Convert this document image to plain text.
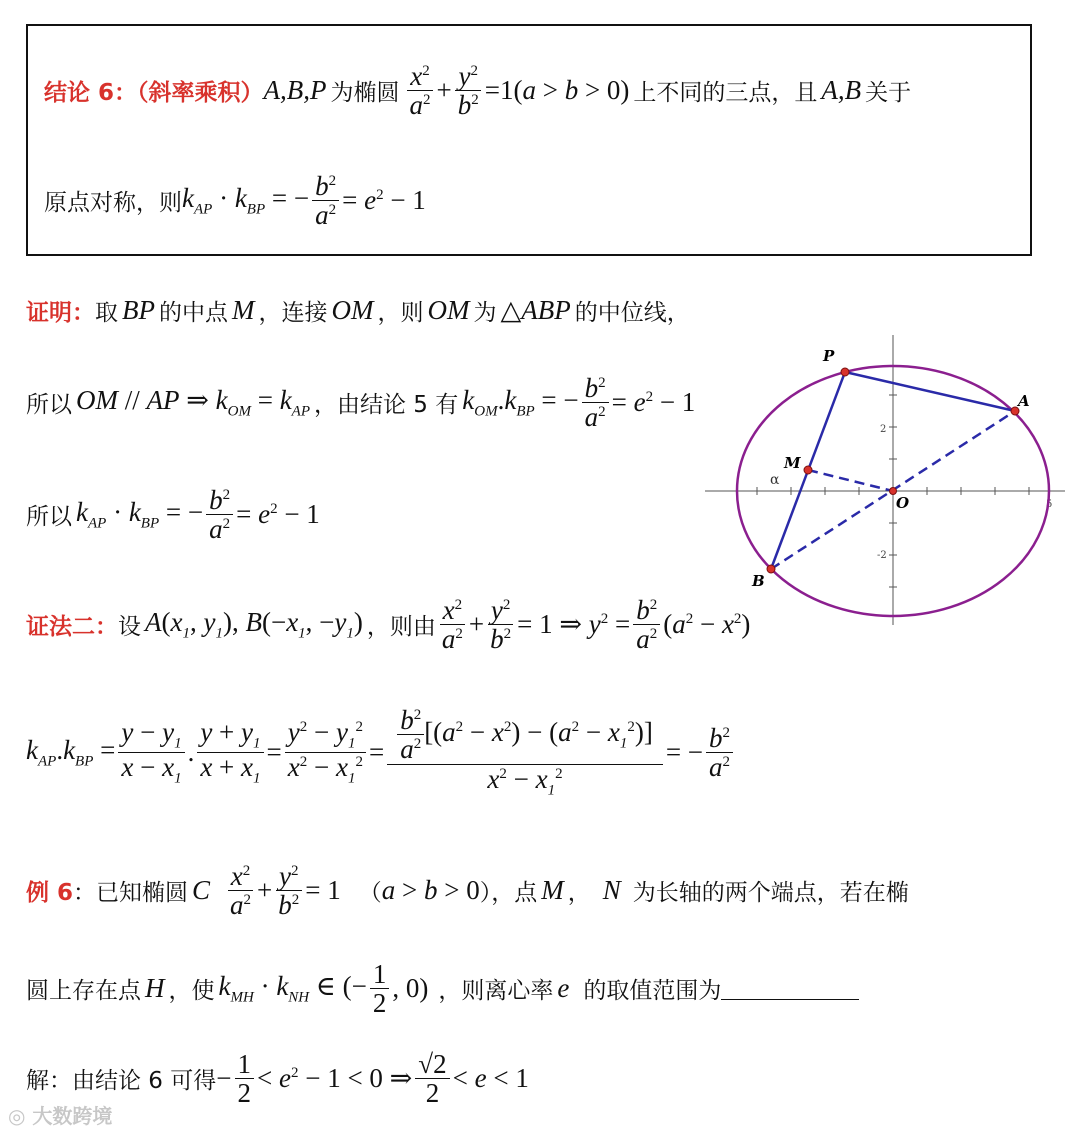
结论 6：（斜率乘积） A,B,P 为椭圆 $\frac{x^2}{a^2} + \frac{y^2}{b^2} =1(a > b > 0)$ 上不同的三点，且 A,B 关于
原点对称，则 $k_{AP} \cdot k_{BP}$ = − $\frac{b^2}{a^2} = e^2 - 1$
证明： 取 BP 的中点 M ，连接 OM ，则 OM 为 △ABP 的中位线，
所以 OM // AP ⇒ $k_{OM} = k_{AP}$ ，由结论 5 有 $k_{OM}.k_{BP}$ = − $\frac{b^2}{a^2} = e^2 - 1$
所以 $k_{AP} \cdot k_{BP}$ = − $\frac{b^2}{a^2} = e^2 - 1$
2
-2
5
P
A
B
M
O
α
证法二： 设 $A(x_1$, $y_1$), $B(-x_1$, $-y_1$) ，则由 $\frac{x^2}{a^2} + \frac{y^2}{b^2} = 1$ ⇒ $y^2 = \frac{b^2}{a^2} (a^2 - x^2)$
$k_{AP}.k_{BP} = \frac{y - y_1}{x - x_1}$ . $\frac{y + y_1}{x + x_1} = \frac{y^2 - y_1^2}{x^2 - x_1^2} = \frac{\frac{b^2}{a^2} [(a^2 - x^2) - (a^2 - x_1^2)]}{x^2 - x_1^2}$ = − $\frac{b^2}{a^2}$
例 6 ：已知椭圆 C $\frac{x^2}{a^2} + \frac{y^2}{b^2} = 1$ （ a > b > 0 ），点 M ， N 为长轴的两个端点，若在椭
圆上存在点 H ，使 $k_{MH} \cdot k_{NH}$ ∈ (− $\frac{1}{2}$ , 0) ，则离心率 e 的取值范围为
解：由结论 6 可得 − $\frac{1}{2} < e^2 - 1 < 0$ ⇒ $\frac{√2}{2} < e < 1$
◎ 大数跨境
